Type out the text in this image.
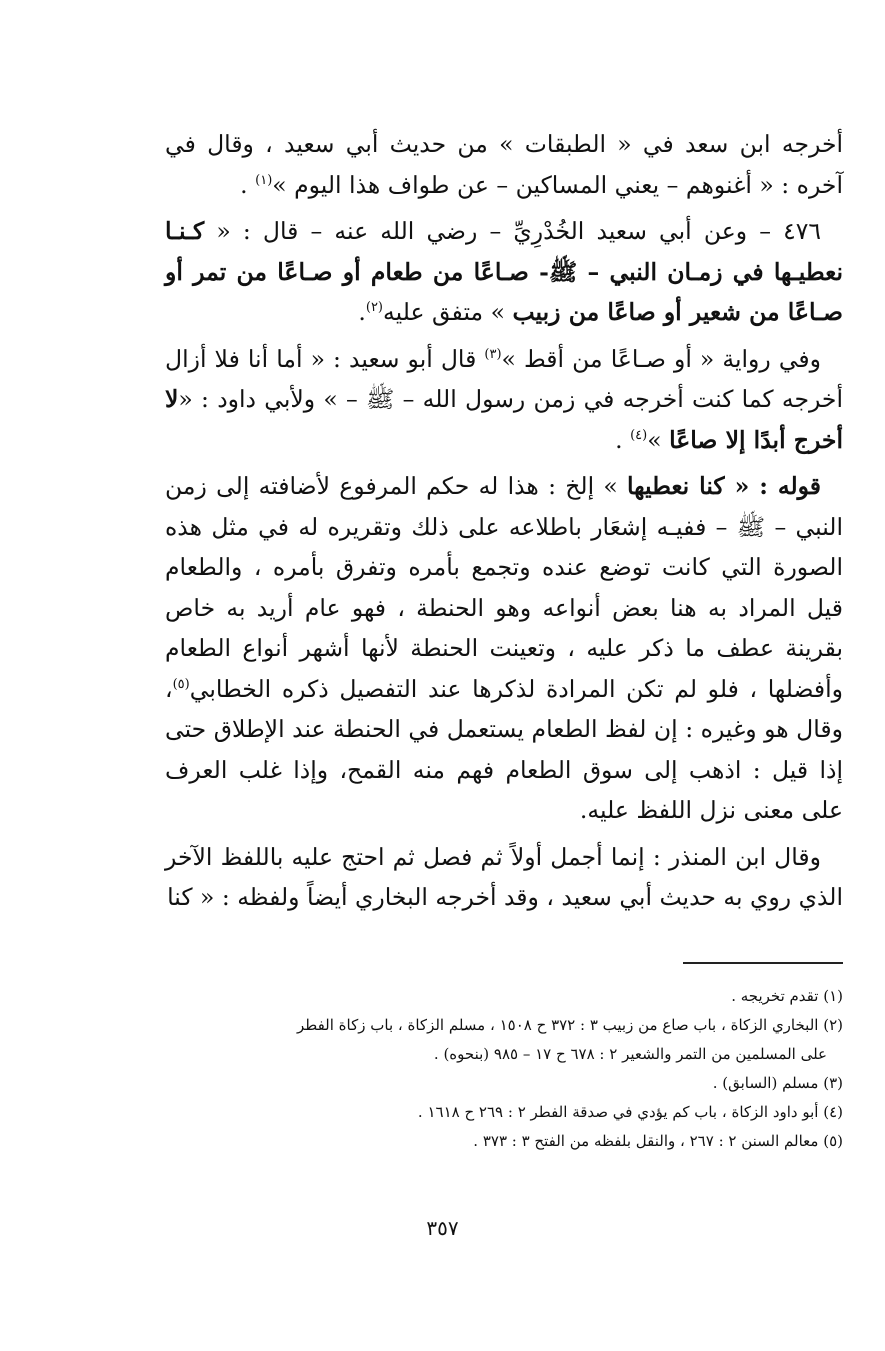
أخرجه ابن سعد في « الطبقات » من حديث أبي سعيد ، وقال في آخره : « أغنوهم – يعني المساكين – عن طواف هذا اليوم »$^{(١)}$ .

٤٧٦ – وعن أبي سعيد الخُدْرِيِّ – رضي الله عنه – قال : « كـنـا نعطيـها في زمـان النبي – ﷺ- صـاعًا من طعام أو صـاعًا من تمر أو صـاعًا من شعير أو صاعًا من زبيب » متفق عليه$^{(٢)}$.

وفي رواية « أو صـاعًا من أقط »$^{(٣)}$ قال أبو سعيد : « أما أنا فلا أزال أخرجه كما كنت أخرجه في زمن رسول الله – ﷺ – » ولأبي داود : «لا أخرج أبدًا إلا صاعًا »$^{(٤)}$ .

قوله : « كنا نعطيها » إلخ : هذا له حكم المرفوع لأضافته إلى زمن النبي – ﷺ – ففيـه إشعَار باطلاعه على ذلك وتقريره له في مثل هذه الصورة التي كانت توضع عنده وتجمع بأمره وتفرق بأمره ، والطعام قيل المراد به هنا بعض أنواعه وهو الحنطة ، فهو عام أريد به خاص بقرينة عطف ما ذكر عليه ، وتعينت الحنطة لأنها أشهر أنواع الطعام وأفضلها ، فلو لم تكن المرادة لذكرها عند التفصيل ذكره الخطابي$^{(٥)}$، وقال هو وغيره : إن لفظ الطعام يستعمل في الحنطة عند الإطلاق حتى إذا قيل : اذهب إلى سوق الطعام فهم منه القمح، وإذا غلب العرف على معنى نزل اللفظ عليه.

وقال ابن المنذر : إنما أجمل أولاً ثم فصل ثم احتج عليه باللفظ الآخر الذي روي به حديث أبي سعيد ، وقد أخرجه البخاري أيضاً ولفظه : « كنا

(١) تقدم تخريجه .
(٢) البخاري الزكاة ، باب صاع من زبيب ٣ : ٣٧٢ ح ١٥٠٨ ، مسلم الزكاة ، باب زكاة الفطر
على المسلمين من التمر والشعير ٢ : ٦٧٨ ح ١٧ – ٩٨٥ (بنحوه) .
(٣) مسلم (السابق) .
(٤) أبو داود الزكاة ، باب كم يؤدي في صدقة الفطر ٢ : ٢٦٩ ح ١٦١٨ .
(٥) معالم السنن ٢ : ٢٦٧ ، والنقل بلفظه من الفتح ٣ : ٣٧٣ .
٣٥٧
